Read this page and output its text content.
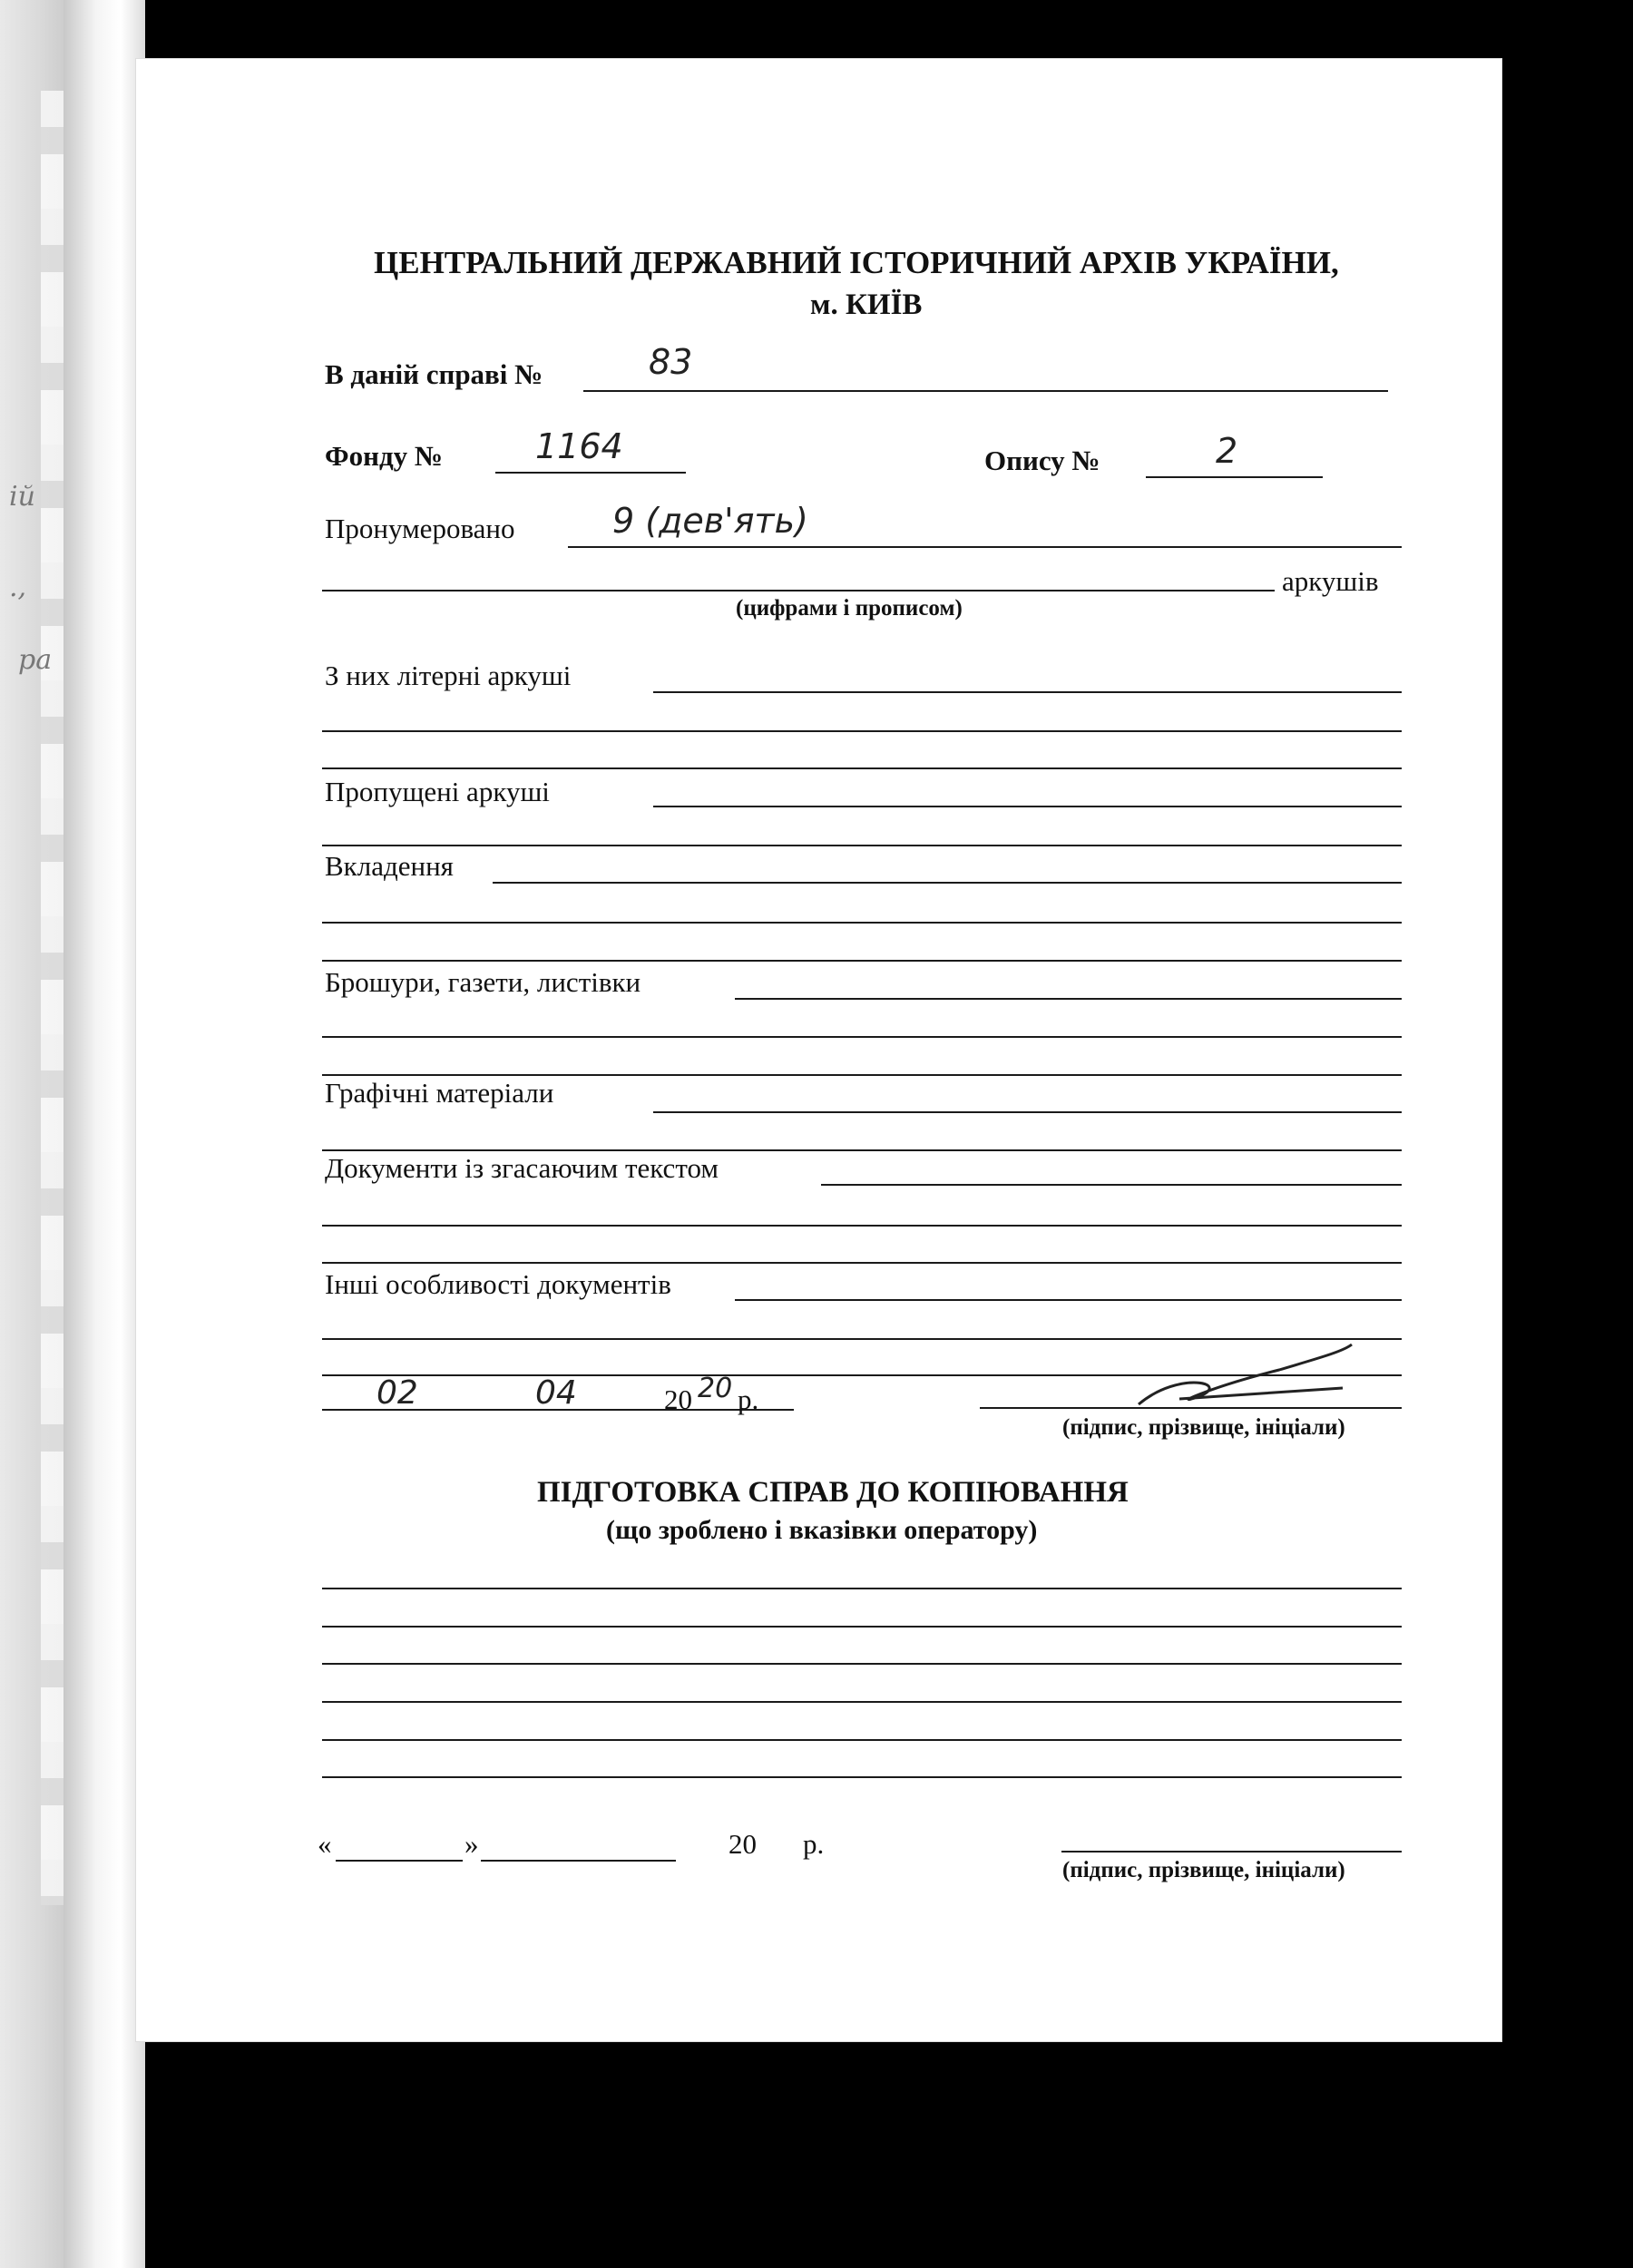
ій
.,
ра
ЦЕНТРАЛЬНИЙ ДЕРЖАВНИЙ ІСТОРИЧНИЙ АРХІВ УКРАЇНИ,
м. КИЇВ
В даній справі №	83
Фонду №	1164	Опису №	2
Пронумеровано	9 (дев'ять)
аркушів
(цифрами і прописом)
З них літерні аркуші
Пропущені аркуші
Вкладення
Брошури, газети, листівки
Графічні матеріали
Документи із згасаючим текстом
Інші особливості документів
02	04	20 20 р.
(підпис, прізвище, ініціали)
ПІДГОТОВКА СПРАВ ДО КОПІЮВАННЯ
(що зроблено і вказівки оператору)
«	»	20 р.
(підпис, прізвище, ініціали)
